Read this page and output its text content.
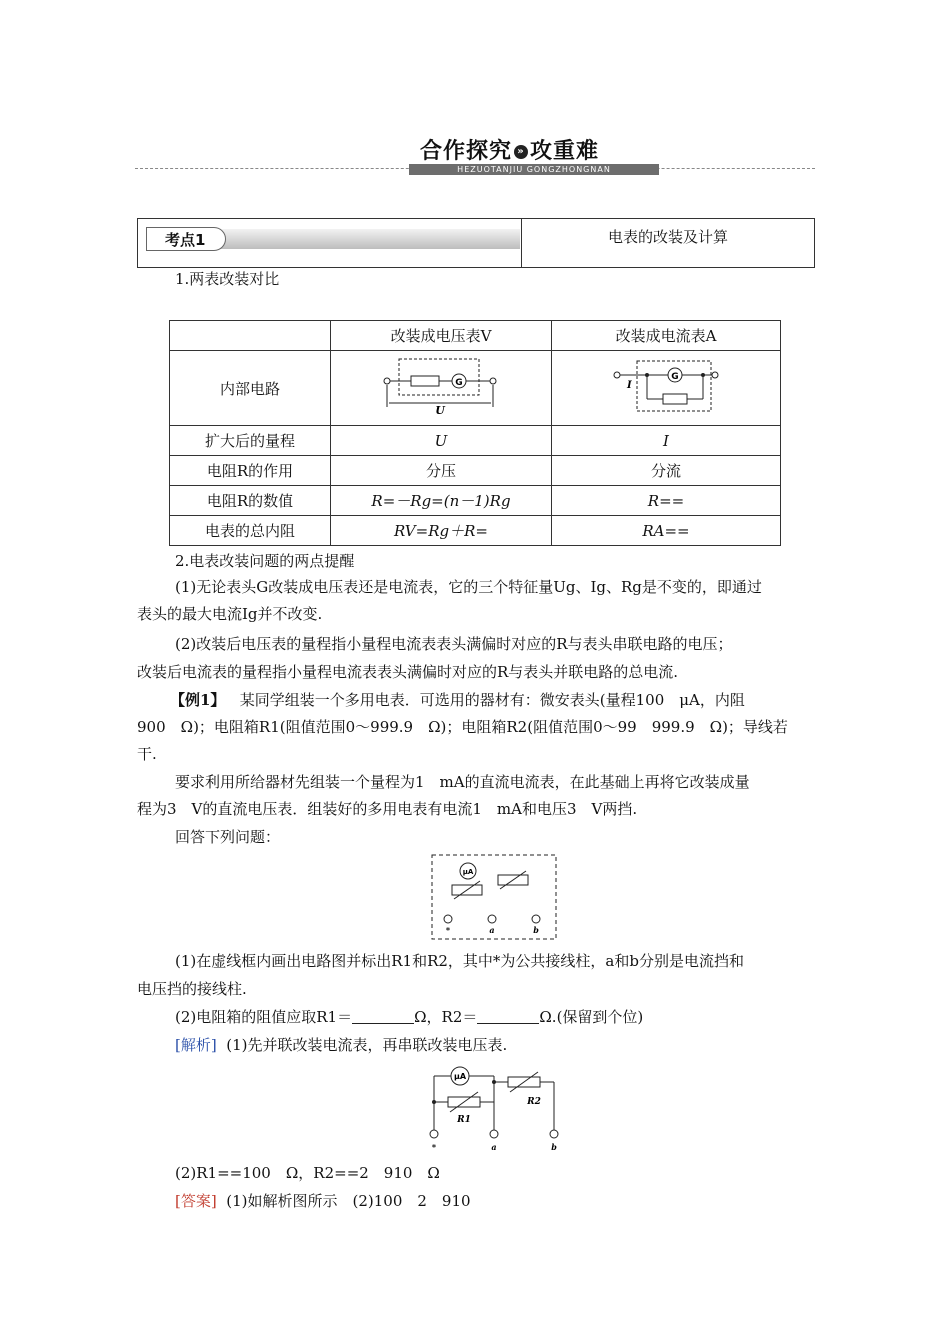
合作探究 » 攻重难
HEZUOTANJIU GONGZHONGNAN
考点1	电表的改装及计算
1.两表改装对比
	改装成电压表V	改装成电流表A
内部电路	G
U	I
G

扩大后的量程	U	I
电阻R的作用	分压	分流
电阻R的数值	R=－Rg=(n－1)Rg	R==
电表的总内阻	RV=Rg＋R=	RA==
2.电表改装问题的两点提醒
(1)无论表头G改装成电压表还是电流表，它的三个特征量Ug、Ig、Rg是不变的，即通过
表头的最大电流Ig并不改变.
(2)改装后电压表的量程指小量程电流表表头满偏时对应的R与表头串联电路的电压；
改装后电流表的量程指小量程电流表表头满偏时对应的R与表头并联电路的总电流.
【例1】 某同学组装一个多用电表．可选用的器材有：微安表头(量程100　μA，内阻
900　Ω)；电阻箱R1(阻值范围0～999.9　Ω)；电阻箱R2(阻值范围0～99　999.9　Ω)；导线若
干.
要求利用所给器材先组装一个量程为1　mA的直流电流表，在此基础上再将它改装成量
程为3　V的直流电压表．组装好的多用电表有电流1　mA和电压3　V两挡.
回答下列问题：
μA
*	a	b
(1)在虚线框内画出电路图并标出R1和R2，其中*为公共接线柱，a和b分别是电流挡和
电压挡的接线柱.
(2)电阻箱的阻值应取R1＝	Ω，R2＝	Ω.(保留到个位)
[解析] (1)先并联改装电流表，再串联改装电压表.
μA
R1
R2
*	a	b
(2)R1==100　Ω，R2==2　910　Ω
[答案] (1)如解析图所示　(2)100　2　910
